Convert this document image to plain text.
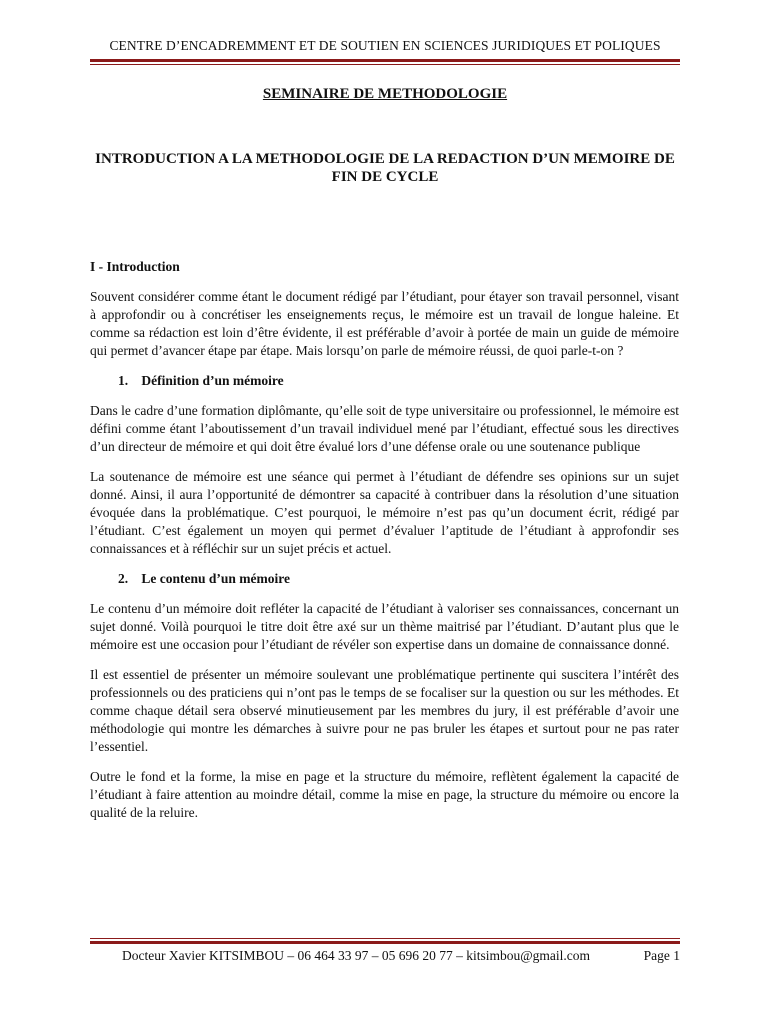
CENTRE D’ENCADREMMENT ET DE SOUTIEN EN SCIENCES JURIDIQUES ET POLIQUES
SEMINAIRE DE METHODOLOGIE
INTRODUCTION A LA METHODOLOGIE DE LA REDACTION D’UN MEMOIRE DE FIN DE CYCLE
I - Introduction

Souvent considérer comme étant le document rédigé par l’étudiant, pour étayer son travail personnel, visant à approfondir ou à concrétiser les enseignements reçus, le mémoire est un travail de longue haleine. Et comme sa rédaction est loin d’être évidente, il est préférable d’avoir à portée de main un guide de mémoire qui permet d’avancer étape par étape. Mais lorsqu’on parle de mémoire réussi, de quoi parle-t-on ?

1. Définition d’un mémoire

Dans le cadre d’une formation diplômante, qu’elle soit de type universitaire ou professionnel, le mémoire est défini comme étant l’aboutissement d’un travail individuel mené par l’étudiant, effectué sous les directives d’un directeur de mémoire et qui doit être évalué lors d’une défense orale ou une soutenance publique

La soutenance de mémoire est une séance qui permet à l’étudiant de défendre ses opinions sur un sujet donné. Ainsi, il aura l’opportunité de démontrer sa capacité à contribuer dans la résolution d’une situation évoquée dans la problématique. C’est pourquoi, le mémoire n’est pas qu’un document écrit, rédigé par l’étudiant. C’est également un moyen qui permet d’évaluer l’aptitude de l’étudiant à approfondir ses connaissances et à réfléchir sur un sujet précis et actuel.

2. Le contenu d’un mémoire

Le contenu d’un mémoire doit refléter la capacité de l’étudiant à valoriser ses connaissances, concernant un sujet donné. Voilà pourquoi le titre doit être axé sur un thème maitrisé par l’étudiant. D’autant plus que le mémoire est une occasion pour l’étudiant de révéler son expertise dans un domaine de connaissance donné.

Il est essentiel de présenter un mémoire soulevant une problématique pertinente qui suscitera l’intérêt des professionnels ou des praticiens qui n’ont pas le temps de se focaliser sur la question ou sur les méthodes. Et comme chaque détail sera observé minutieusement par les membres du jury, il est préférable d’avoir une méthodologie qui montre les démarches à suivre pour ne pas bruler les étapes et surtout pour ne pas rater l’essentiel.

Outre le fond et la forme, la mise en page et la structure du mémoire, reflètent également la capacité de l’étudiant à faire attention au moindre détail, comme la mise en page, la structure du mémoire ou encore la qualité de la reluire.

Docteur Xavier KITSIMBOU – 06 464 33 97 – 05 696 20 77 – kitsimbou@gmail.com	Page 1
